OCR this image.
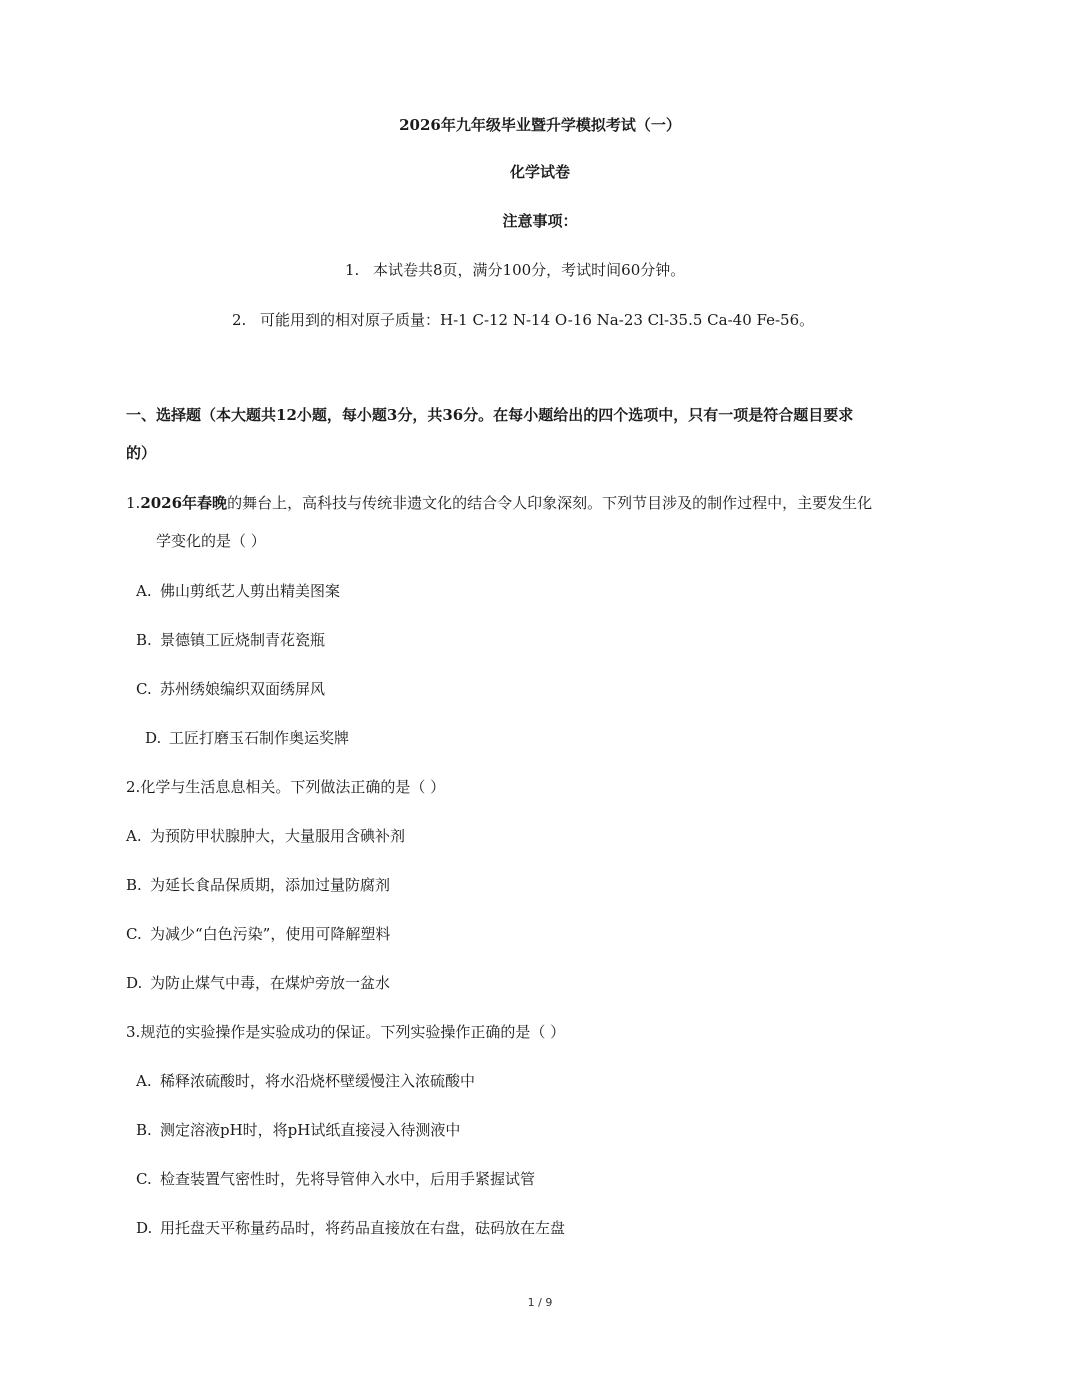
2026年九年级毕业暨升学模拟考试（一）
化学试卷
注意事项：
1. 本试卷共8页，满分100分，考试时间60分钟。
2. 可能用到的相对原子质量：H-1 C-12 N-14 O-16 Na-23 Cl-35.5 Ca-40 Fe-56。
一、选择题（本大题共12小题，每小题3分，共36分。在每小题给出的四个选项中，只有一项是符合题目要求
的）
1.2026年春晚的舞台上，高科技与传统非遗文化的结合令人印象深刻。下列节目涉及的制作过程中，主要发生化
学变化的是（ ）
A. 佛山剪纸艺人剪出精美图案
B. 景德镇工匠烧制青花瓷瓶
C. 苏州绣娘编织双面绣屏风
D. 工匠打磨玉石制作奥运奖牌
2.化学与生活息息相关。下列做法正确的是（ ）
A. 为预防甲状腺肿大，大量服用含碘补剂
B. 为延长食品保质期，添加过量防腐剂
C. 为减少“白色污染”，使用可降解塑料
D. 为防止煤气中毒，在煤炉旁放一盆水
3.规范的实验操作是实验成功的保证。下列实验操作正确的是（ ）
A. 稀释浓硫酸时，将水沿烧杯壁缓慢注入浓硫酸中
B. 测定溶液pH时，将pH试纸直接浸入待测液中
C. 检查装置气密性时，先将导管伸入水中，后用手紧握试管
D. 用托盘天平称量药品时，将药品直接放在右盘，砝码放在左盘
1 / 9
